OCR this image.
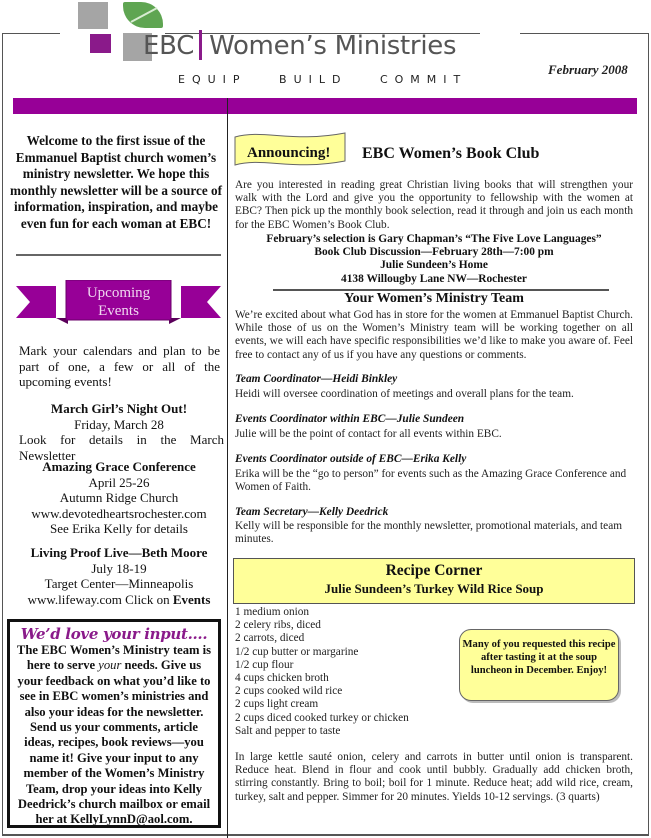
EBC Women’s Ministries
EQUIP BUILD COMMIT
February 2008
Welcome to the first issue of the Emmanuel Baptist church women’s ministry newsletter. We hope this monthly newsletter will be a source of information, inspiration, and maybe even fun for each woman at EBC!
Upcoming
Events
Mark your calendars and plan to be part of one, a few or all of the upcoming events!
March Girl’s Night Out!
Friday, March 28
Look for details in the March Newsletter
Amazing Grace Conference
April 25-26
Autumn Ridge Church
www.devotedheartsrochester.com
See Erika Kelly for details
Living Proof Live—Beth Moore
July 18-19
Target Center—Minneapolis
www.lifeway.com Click on Events
We’d love your input….
The EBC Women’s Ministry team is here to serve your needs. Give us your feedback on what you’d like to see in EBC women’s ministries and also your ideas for the newsletter. Send us your comments, article ideas, recipes, book reviews—you name it! Give your input to any member of the Women’s Ministry Team, drop your ideas into Kelly Deedrick’s church mailbox or email her at KellyLynnD@aol.com.
Announcing! EBC Women’s Book Club
Are you interested in reading great Christian living books that will strengthen your walk with the Lord and give you the opportunity to fellowship with the women at EBC? Then pick up the monthly book selection, read it through and join us each month for the EBC Women’s Book Club.
February’s selection is Gary Chapman’s “The Five Love Languages”
Book Club Discussion—February 28th—7:00 pm
Julie Sundeen’s Home
4138 Willougby Lane NW—Rochester
Your Women’s Ministry Team
We’re excited about what God has in store for the women at Emmanuel Baptist Church. While those of us on the Women’s Ministry team will be working together on all events, we will each have specific responsibilities we’d like to make you aware of. Feel free to contact any of us if you have any questions or comments.
Team Coordinator—Heidi Binkley
Heidi will oversee coordination of meetings and overall plans for the team.
Events Coordinator within EBC—Julie Sundeen
Julie will be the point of contact for all events within EBC.
Events Coordinator outside of EBC—Erika Kelly
Erika will be the “go to person” for events such as the Amazing Grace Conference and Women of Faith.
Team Secretary—Kelly Deedrick
Kelly will be responsible for the monthly newsletter, promotional materials, and team minutes.
Recipe Corner
Julie Sundeen’s Turkey Wild Rice Soup
1 medium onion
2 celery ribs, diced
2 carrots, diced
1/2 cup butter or margarine
1/2 cup flour
4 cups chicken broth
2 cups cooked wild rice
2 cups light cream
2 cups diced cooked turkey or chicken
Salt and pepper to taste
Many of you requested this recipe after tasting it at the soup luncheon in December. Enjoy!
In large kettle sauté onion, celery and carrots in butter until onion is transparent. Reduce heat. Blend in flour and cook until bubbly. Gradually add chicken broth, stirring constantly. Bring to boil; boil for 1 minute. Reduce heat; add wild rice, cream, turkey, salt and pepper. Simmer for 20 minutes. Yields 10-12 servings. (3 quarts)
